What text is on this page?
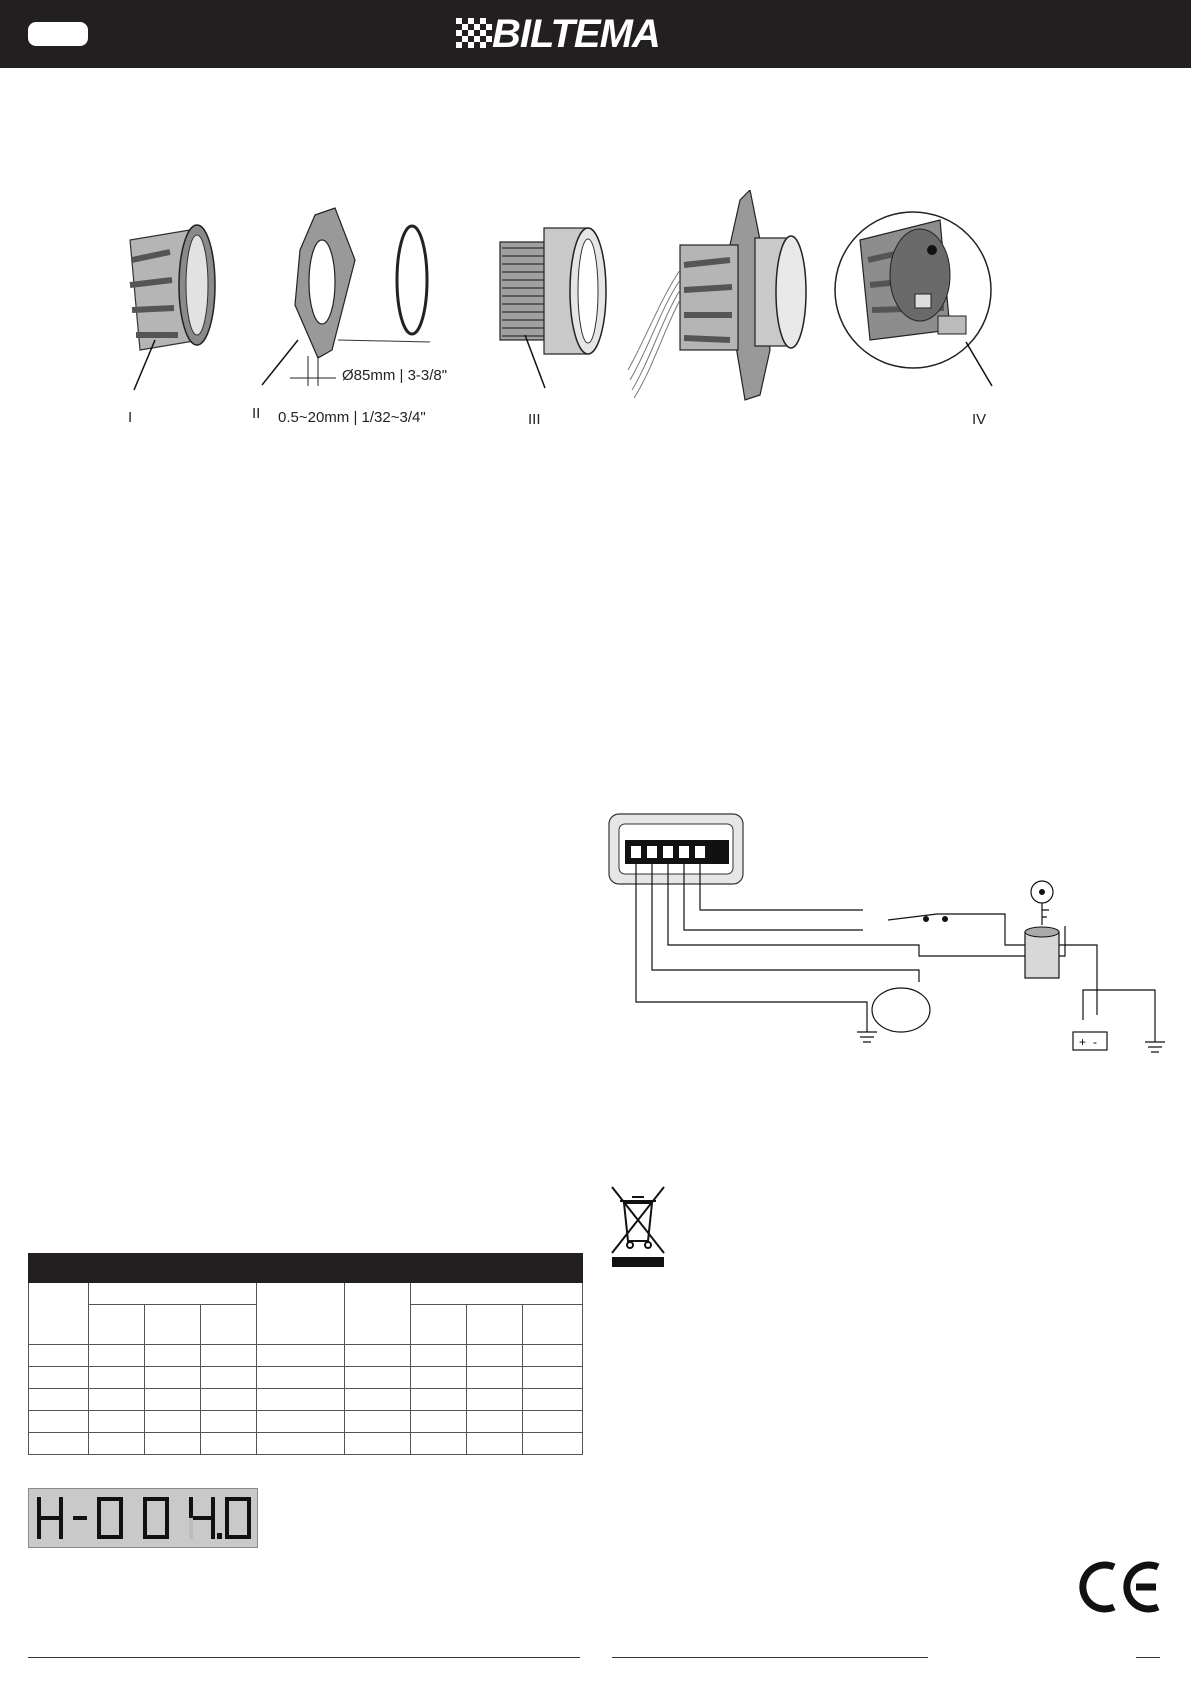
BILTEMA
I	II 0.5~20mm | 1/32~3/4"
Ø85mm | 3-3/8"
III	IV
+ -
